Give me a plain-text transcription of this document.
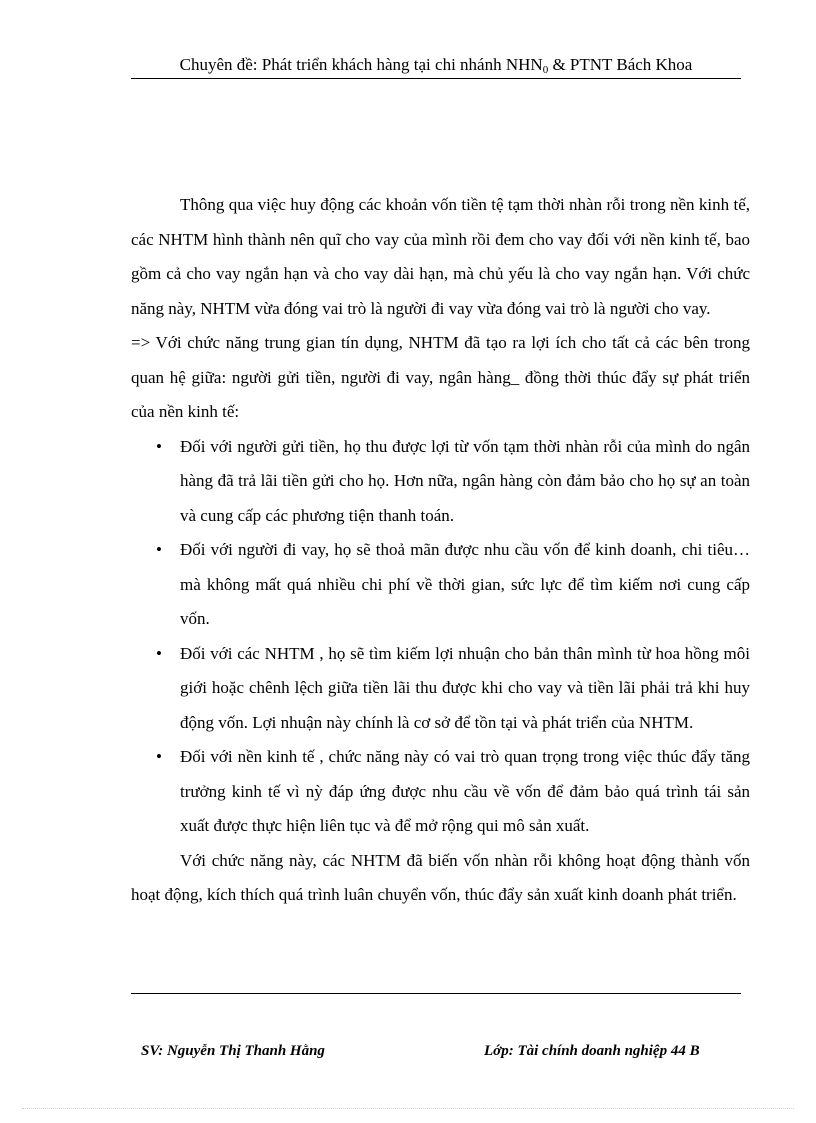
Chuyên đề: Phát triển khách hàng tại chi nhánh $NHN_0$ & PTNT Bách Khoa

Thông qua việc huy động các khoản vốn tiền tệ tạm thời nhàn rỗi trong nền kinh tế, các NHTM hình thành nên quĩ cho vay của mình rồi đem cho vay đối với nền kinh tế, bao gồm cả cho vay ngắn hạn và cho vay dài hạn, mà chủ yếu là cho vay ngắn hạn. Với chức năng này, NHTM vừa đóng vai trò là người đi vay vừa đóng vai trò là người cho vay.

=> Với chức năng trung gian tín dụng, NHTM đã tạo ra lợi ích cho tất cả các bên trong quan hệ giữa: người gửi tiền, người đi vay, ngân hàng_ đồng thời thúc đẩy sự phát triển của nền kinh tế:

• Đối với người gửi tiền, họ thu được lợi từ vốn tạm thời nhàn rỗi của mình do ngân hàng đã trả lãi tiền gửi cho họ. Hơn nữa, ngân hàng còn đảm bảo cho họ sự an toàn và cung cấp các phương tiện thanh toán.
• Đối với người đi vay, họ sẽ thoả mãn được nhu cầu vốn để kinh doanh, chi tiêu…mà không mất quá nhiều chi phí về thời gian, sức lực để tìm kiếm nơi cung cấp vốn.
• Đối với các NHTM , họ sẽ tìm kiếm lợi nhuận cho bản thân mình từ hoa hồng môi giới hoặc chênh lệch giữa tiền lãi thu được khi cho vay và tiền lãi phải trả khi huy động vốn. Lợi nhuận này chính là cơ sở để tồn tại và phát triển của NHTM.
• Đối với nền kinh tế , chức năng này có vai trò quan trọng trong việc thúc đẩy tăng trưởng kinh tế vì nỳ đáp ứng được nhu cầu về vốn để đảm bảo quá trình tái sản xuất được thực hiện liên tục và để mở rộng qui mô sản xuất.

Với chức năng này, các NHTM đã biến vốn nhàn rỗi không hoạt động thành vốn hoạt động, kích thích quá trình luân chuyển vốn, thúc đẩy sản xuất kinh doanh phát triển.

SV: Nguyễn Thị Thanh Hằng	Lớp: Tài chính doanh nghiệp 44 B
